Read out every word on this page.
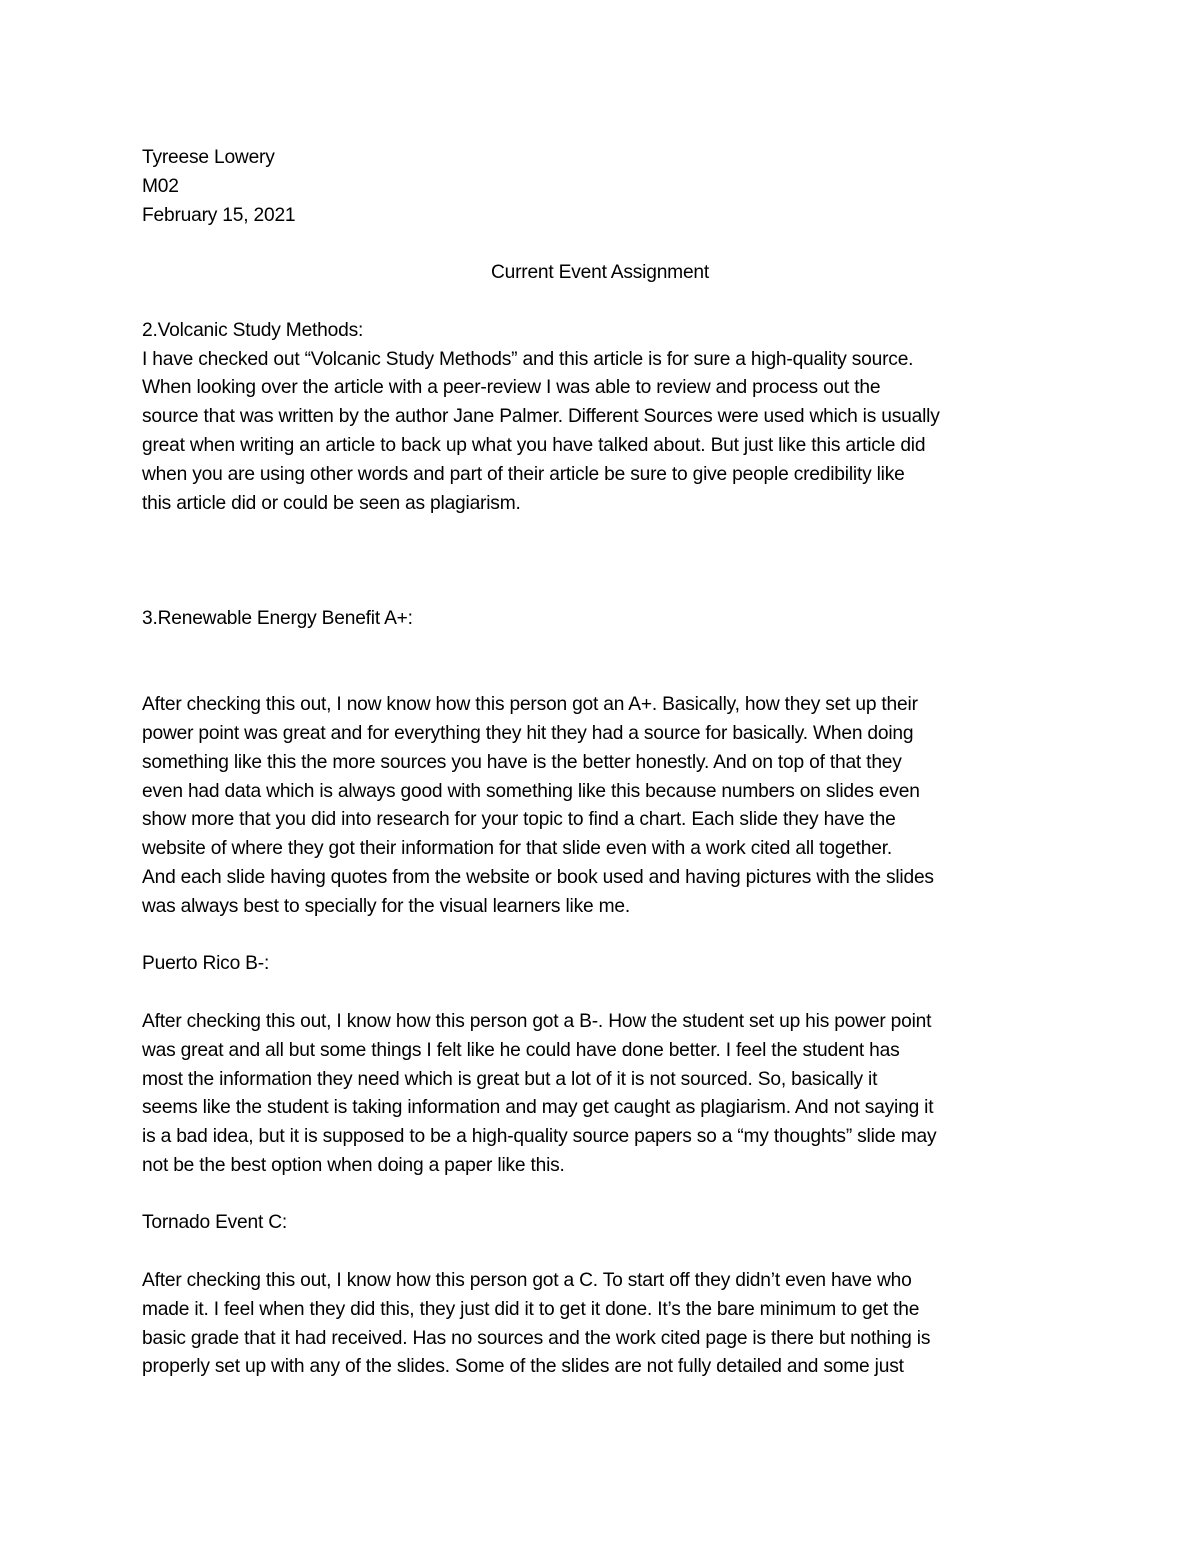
Tyreese Lowery
M02
February 15, 2021
Current Event Assignment
2.Volcanic Study Methods:
I have checked out “Volcanic Study Methods” and this article is for sure a high-quality source.
When looking over the article with a peer-review I was able to review and process out the
source that was written by the author Jane Palmer. Different Sources were used which is usually
great when writing an article to back up what you have talked about. But just like this article did
when you are using other words and part of their article be sure to give people credibility like
this article did or could be seen as plagiarism.
3.Renewable Energy Benefit A+:
After checking this out, I now know how this person got an A+. Basically, how they set up their
power point was great and for everything they hit they had a source for basically. When doing
something like this the more sources you have is the better honestly. And on top of that they
even had data which is always good with something like this because numbers on slides even
show more that you did into research for your topic to find a chart. Each slide they have the
website of where they got their information for that slide even with a work cited all together.
And each slide having quotes from the website or book used and having pictures with the slides
was always best to specially for the visual learners like me.
Puerto Rico B-:
After checking this out, I know how this person got a B-. How the student set up his power point
was great and all but some things I felt like he could have done better. I feel the student has
most the information they need which is great but a lot of it is not sourced. So, basically it
seems like the student is taking information and may get caught as plagiarism. And not saying it
is a bad idea, but it is supposed to be a high-quality source papers so a “my thoughts” slide may
not be the best option when doing a paper like this.
Tornado Event C:
After checking this out, I know how this person got a C. To start off they didn’t even have who
made it. I feel when they did this, they just did it to get it done. It’s the bare minimum to get the
basic grade that it had received. Has no sources and the work cited page is there but nothing is
properly set up with any of the slides. Some of the slides are not fully detailed and some just
